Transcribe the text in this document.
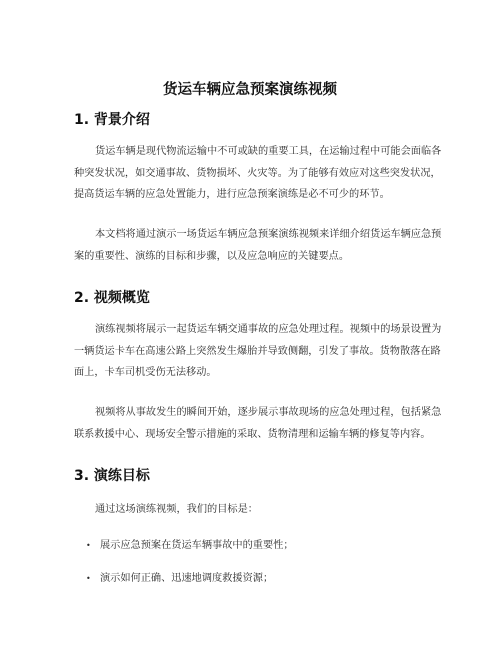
货运车辆应急预案演练视频
1. 背景介绍

货运车辆是现代物流运输中不可或缺的重要工具，在运输过程中可能会面临各
种突发状况，如交通事故、货物损坏、火灾等。为了能够有效应对这些突发状况，
提高货运车辆的应急处置能力，进行应急预案演练是必不可少的环节。

本文档将通过演示一场货运车辆应急预案演练视频来详细介绍货运车辆应急预
案的重要性、演练的目标和步骤，以及应急响应的关键要点。

2. 视频概览

演练视频将展示一起货运车辆交通事故的应急处理过程。视频中的场景设置为
一辆货运卡车在高速公路上突然发生爆胎并导致侧翻，引发了事故。货物散落在路
面上，卡车司机受伤无法移动。

视频将从事故发生的瞬间开始，逐步展示事故现场的应急处理过程，包括紧急
联系救援中心、现场安全警示措施的采取、货物清理和运输车辆的修复等内容。

3. 演练目标

通过这场演练视频，我们的目标是：

• 展示应急预案在货运车辆事故中的重要性；

• 演示如何正确、迅速地调度救援资源；
